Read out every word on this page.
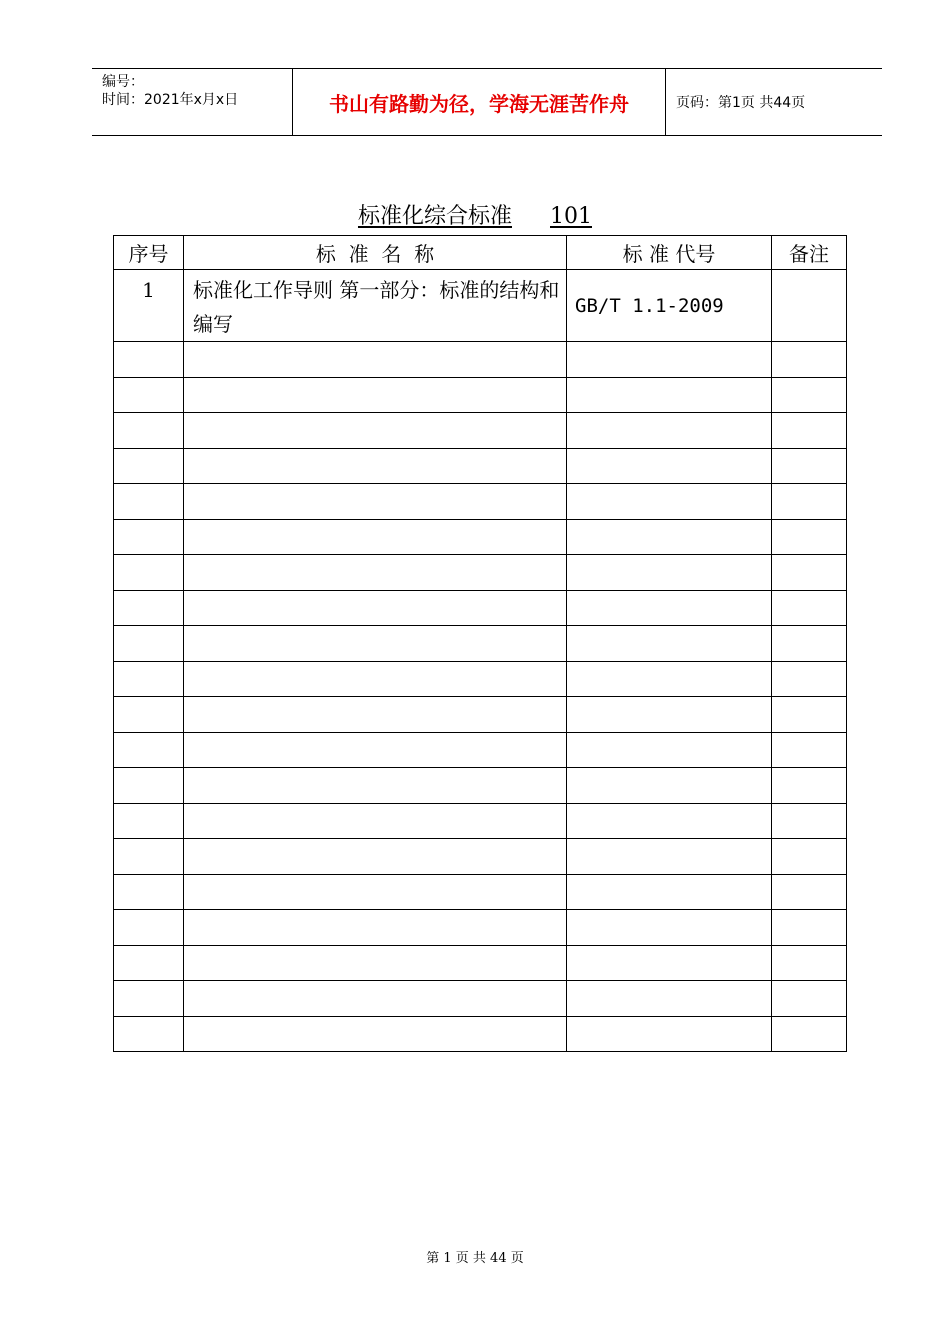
编号：
时间：2021年x月x日	书山有路勤为径，学海无涯苦作舟	页码：第1页 共44页
标准化综合标准 101
序号	标  准  名  称	标 准 代号	备注
1	标准化工作导则 第一部分：标准的结构和编写	GB/T 1.1-2009	

第 1 页 共 44 页
